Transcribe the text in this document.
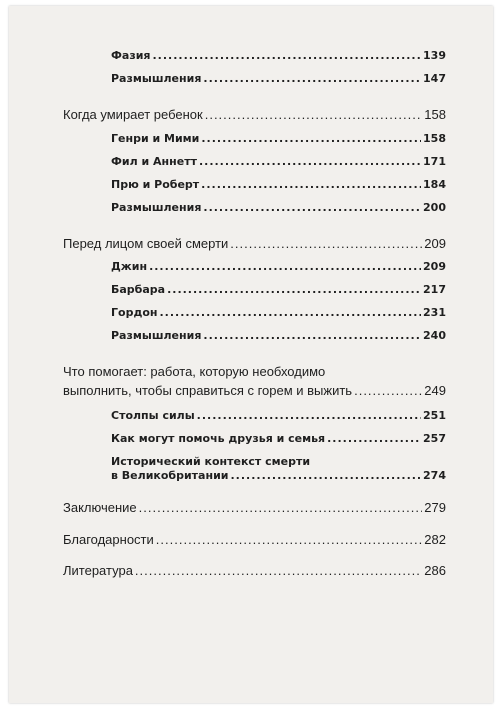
Фазия .....	139
Размышления .....	147
Когда умирает ребенок .....	158
Генри и Мими .....	158
Фил и Аннетт .....	171
Прю и Роберт .....	184
Размышления .....	200
Перед лицом своей смерти .....	209
Джин .....	209
Барбара .....	217
Гордон .....	231
Размышления .....	240
Что помогает: работа, которую необходимо
выполнить, чтобы справиться с горем и выжить .....	249
Столпы силы .....	251
Как могут помочь друзья и семья .....	257
Исторический контекст смерти
в Великобритании .....	274
Заключение .....	279
Благодарности .....	282
Литература .....	286
